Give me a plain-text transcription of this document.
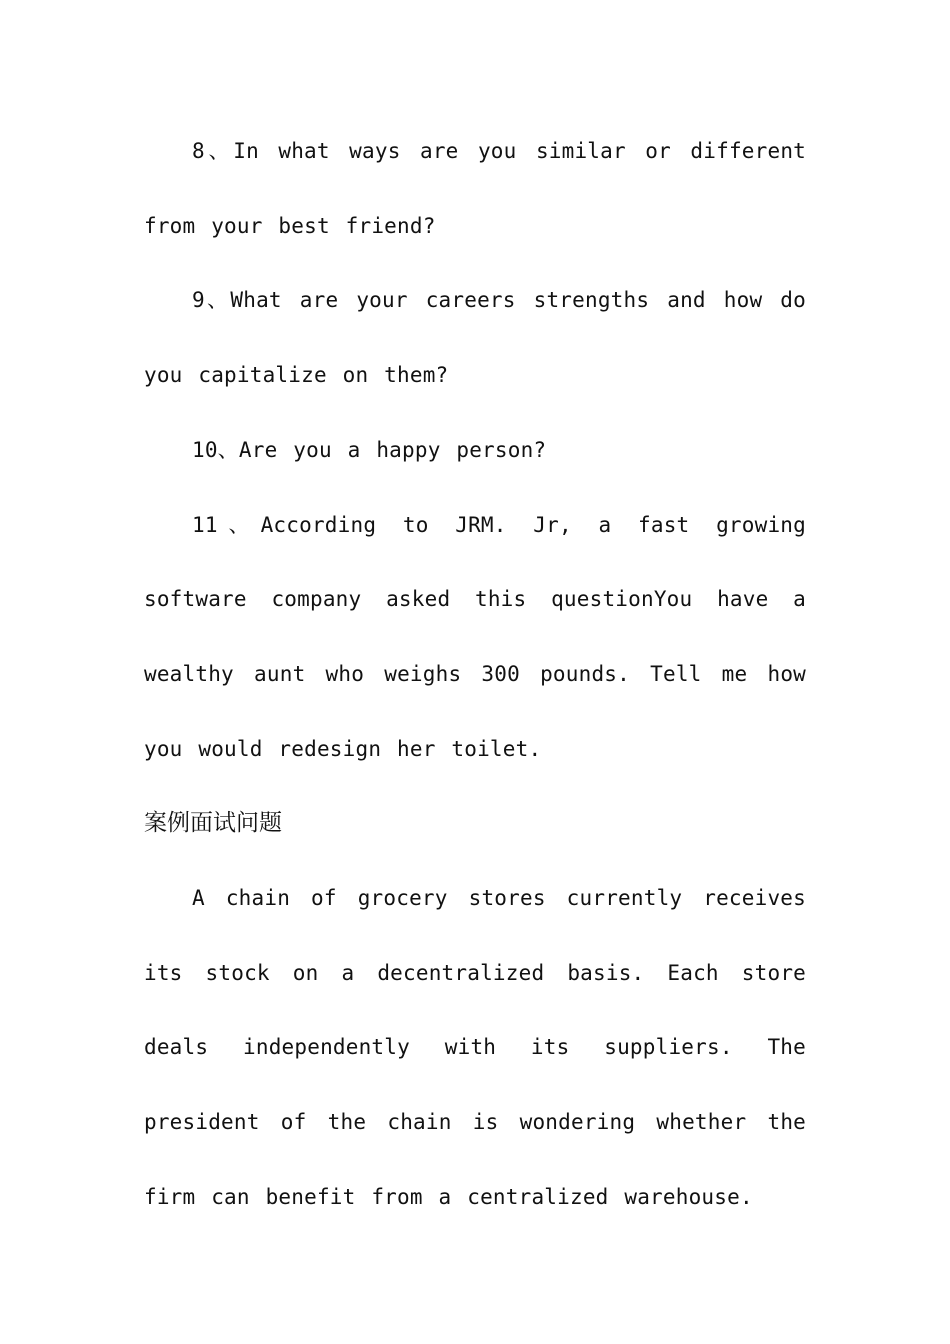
8、In what ways are you similar or different from your best friend?

9、What are your careers strengths and how do you capitalize on them?

10、Are you a happy person?

11、According to JRM. Jr, a fast growing software company asked this questionYou have a wealthy aunt who weighs 300 pounds. Tell me how you would redesign her toilet.

案例面试问题

A chain of grocery stores currently receives its stock on a decentralized basis. Each store deals independently with its suppliers. The president of the chain is wondering whether the firm can benefit from a centralized warehouse.
